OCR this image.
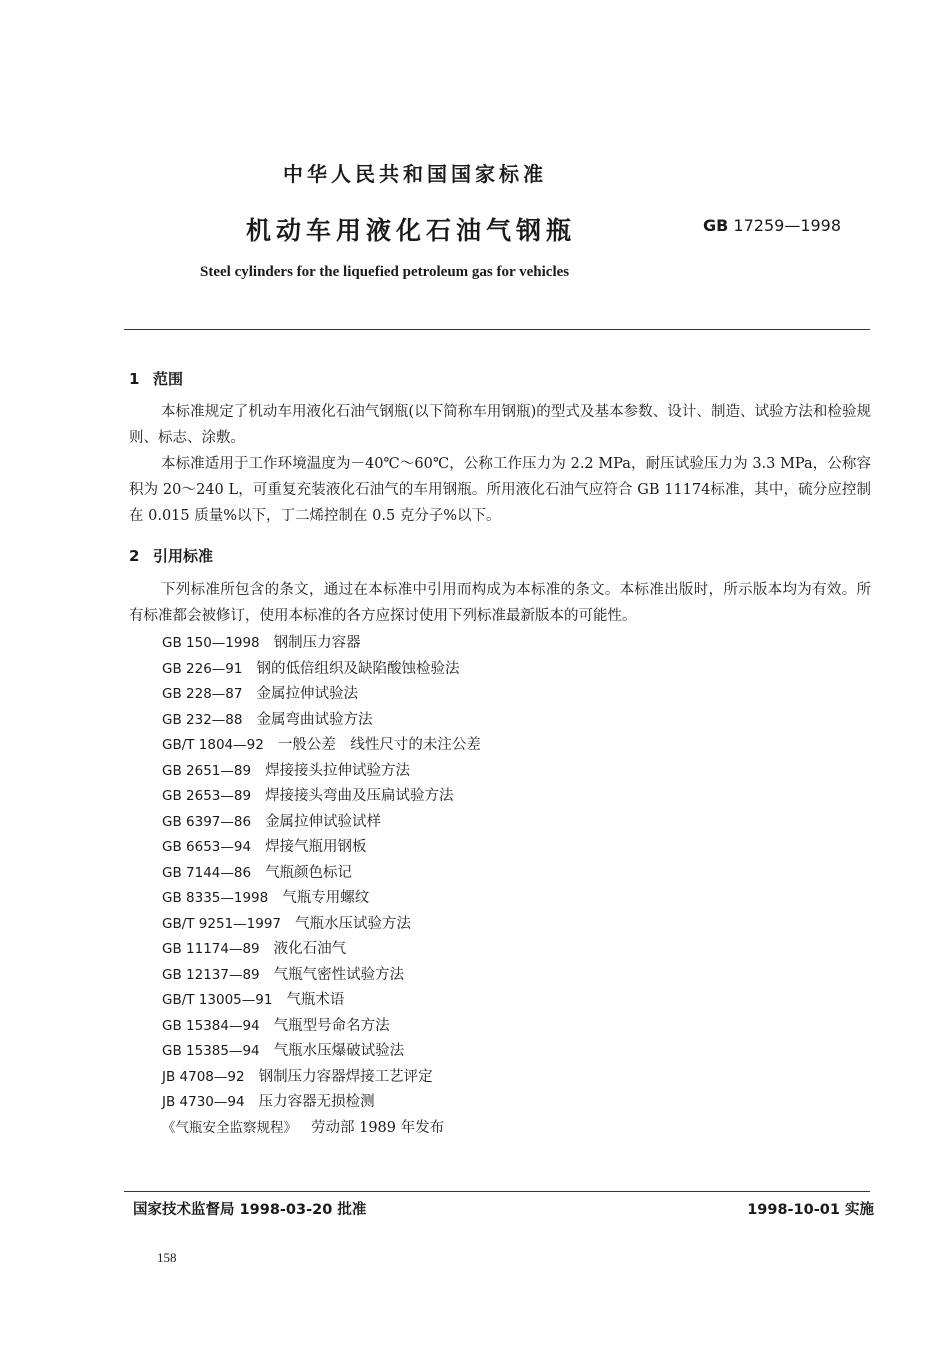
中华人民共和国国家标准
机动车用液化石油气钢瓶	GB 17259—1998
Steel cylinders for the liquefied petroleum gas for vehicles
1 范围

本标准规定了机动车用液化石油气钢瓶(以下简称车用钢瓶)的型式及基本参数、设计、制造、试验方法和检验规则、标志、涂敷。

本标准适用于工作环境温度为－40℃～60℃，公称工作压力为 2.2 MPa，耐压试验压力为 3.3 MPa，公称容积为 20～240 L，可重复充装液化石油气的车用钢瓶。所用液化石油气应符合 GB 11174标准，其中，硫分应控制在 0.015 质量%以下，丁二烯控制在 0.5 克分子%以下。

2 引用标准

下列标准所包含的条文，通过在本标准中引用而构成为本标准的条文。本标准出版时，所示版本均为有效。所有标准都会被修订，使用本标准的各方应探讨使用下列标准最新版本的可能性。

GB 150—1998 钢制压力容器
GB 226—91 钢的低倍组织及缺陷酸蚀检验法
GB 228—87 金属拉伸试验法
GB 232—88 金属弯曲试验方法
GB/T 1804—92 一般公差　线性尺寸的未注公差
GB 2651—89 焊接接头拉伸试验方法
GB 2653—89 焊接接头弯曲及压扁试验方法
GB 6397—86 金属拉伸试验试样
GB 6653—94 焊接气瓶用钢板
GB 7144—86 气瓶颜色标记
GB 8335—1998 气瓶专用螺纹
GB/T 9251—1997 气瓶水压试验方法
GB 11174—89 液化石油气
GB 12137—89 气瓶气密性试验方法
GB/T 13005—91 气瓶术语
GB 15384—94 气瓶型号命名方法
GB 15385—94 气瓶水压爆破试验法
JB 4708—92 钢制压力容器焊接工艺评定
JB 4730—94 压力容器无损检测
《气瓶安全监察规程》 劳动部 1989 年发布
国家技术监督局 1998-03-20 批准	1998-10-01 实施
158
